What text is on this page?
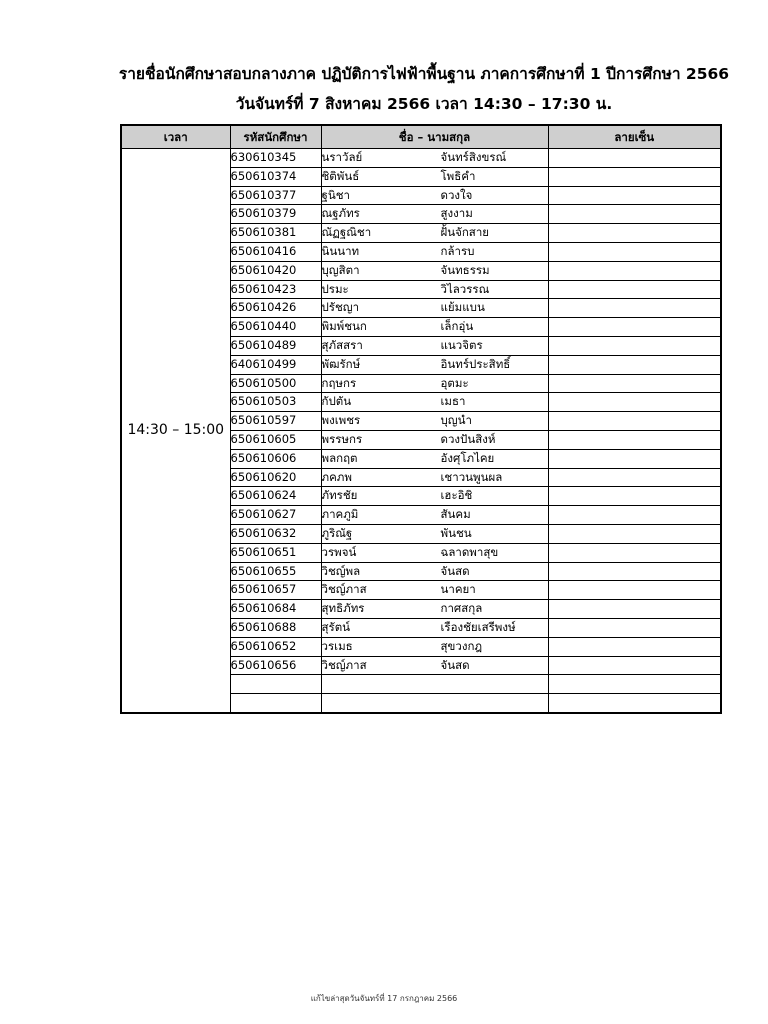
รายชื่อนักศึกษาสอบกลางภาค ปฏิบัติการไฟฟ้าพื้นฐาน ภาคการศึกษาที่ 1 ปีการศึกษา 2566
วันจันทร์ที่ 7 สิงหาคม 2566 เวลา 14:30 – 17:30 น.
เวลา	รหัสนักศึกษา	ชื่อ – นามสกุล	ลายเซ็น
14:30 – 15:00	630610345	นราวัลย์ จันทร์สิงขรณ์	
	650610374	ชิติพันธ์ โพธิคำ	
	650610377	ฐนิชา ดวงใจ	
	650610379	ณฐภัทร สูงงาม	
	650610381	ณัฏฐณิชา ฝั้นจักสาย	
	650610416	นินนาท กล้ารบ	
	650610420	บุญสิตา จันทธรรม	
	650610423	ปรมะ วิไลวรรณ	
	650610426	ปรัชญา แย้มแบน	
	650610440	พิมพ์ชนก เล็กอุ่น	
	650610489	สุภัสสรา แนวจิตร	
	640610499	พัฒรักษ์ อินทร์ประสิทธิ์	
	650610500	กฤษกร อุตมะ	
	650610503	กัปตัน เมธา	
	650610597	พงเพชร บุญนำ	
	650610605	พรรษกร ดวงปันสิงห์	
	650610606	พลกฤต อังศุโภไคย	
	650610620	ภคภพ เชาวนพูนผล	
	650610624	ภัทรชัย เฮะอิชิ	
	650610627	ภาคภูมิ สันคม	
	650610632	ภูริณัฐ พันชน	
	650610651	วรพจน์ ฉลาดพาสุข	
	650610655	วิชญ์พล จันสด	
	650610657	วิชญ์ภาส นาคยา	
	650610684	สุทธิภัทร กาศสกุล	
	650610688	สุรัตน์ เรืองชัยเสรีพงษ์	
	650610652	วรเมธ สุขวงกฎ	
	650610656	วิชญ์ภาส จันสด	

แก้ไขล่าสุดวันจันทร์ที่ 17 กรกฎาคม 2566
